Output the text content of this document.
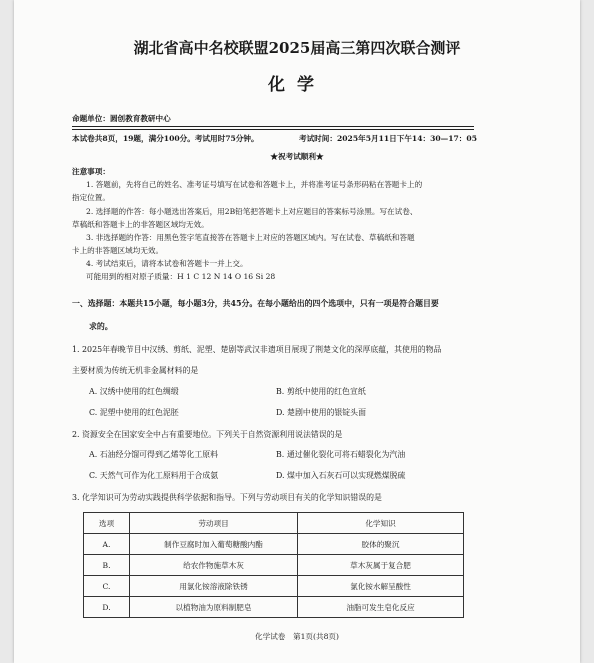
湖北省高中名校联盟2025届高三第四次联合测评
化学
命题单位：圆创教育教研中心
本试卷共8页，19题，满分100分。考试用时75分钟。	考试时间：2025年5月11日下午14：30—17：05
★祝考试顺利★
注意事项：
1. 答题前，先将自己的姓名、准考证号填写在试卷和答题卡上，并将准考证号条形码粘在答题卡上的
指定位置。
2. 选择题的作答：每小题选出答案后，用2B铅笔把答题卡上对应题目的答案标号涂黑。写在试卷、
草稿纸和答题卡上的非答题区域均无效。
3. 非选择题的作答：用黑色签字笔直接答在答题卡上对应的答题区域内。写在试卷、草稿纸和答题
卡上的非答题区域均无效。
4. 考试结束后，请将本试卷和答题卡一并上交。
可能用到的相对原子质量：H 1 C 12 N 14 O 16 Si 28
一、选择题：本题共15小题，每小题3分，共45分。在每小题给出的四个选项中，只有一项是符合题目要
求的。
1. 2025年春晚节目中汉绣、剪纸、泥塑、楚剧等武汉非遗项目展现了荆楚文化的深厚底蕴，其使用的物品
主要材质为传统无机非金属材料的是
A. 汉绣中使用的红色绸缎	B. 剪纸中使用的红色宣纸
C. 泥塑中使用的红色泥胚	D. 楚剧中使用的银锭头面
2. 资源安全在国家安全中占有重要地位。下列关于自然资源利用说法错误的是
A. 石油经分馏可得到乙烯等化工原料	B. 通过催化裂化可将石蜡裂化为汽油
C. 天然气可作为化工原料用于合成氨	D. 煤中加入石灰石可以实现燃煤脱硫
3. 化学知识可为劳动实践提供科学依据和指导。下列与劳动项目有关的化学知识错误的是
选项	劳动项目	化学知识
A.	制作豆腐时加入葡萄糖酸内酯	胶体的聚沉
B.	给农作物施草木灰	草木灰属于复合肥
C.	用氯化铵溶液除铁锈	氯化铵水解呈酸性
D.	以植物油为原料制肥皂	油脂可发生皂化反应
化学试卷　第1页(共8页)
